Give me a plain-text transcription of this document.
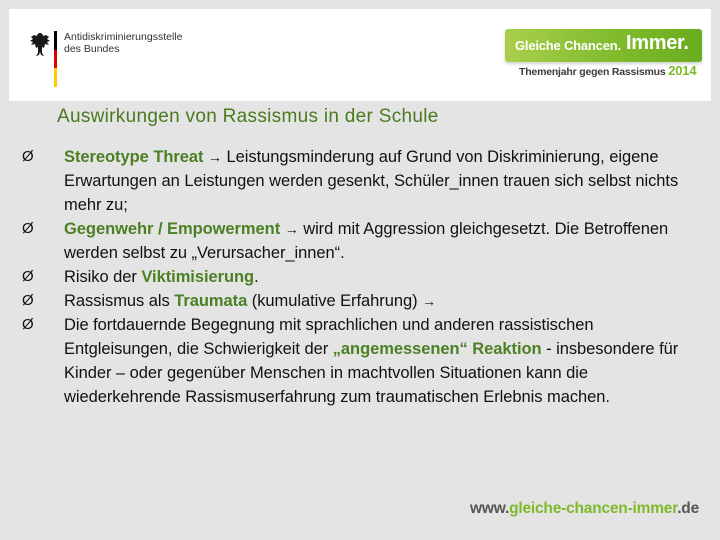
Antidiskriminierungsstelle
des Bundes	Gleiche Chancen. Immer.
Themenjahr gegen Rassismus 2014
Auswirkungen von Rassismus in der Schule
Ø Stereotype Threat → Leistungsminderung auf Grund von Diskriminierung, eigene Erwartungen an Leistungen werden gesenkt, Schüler_innen trauen sich selbst nichts mehr zu;
Ø Gegenwehr / Empowerment → wird mit Aggression gleichgesetzt. Die Betroffenen werden selbst zu „Verursacher_innen“.
Ø Risiko der Viktimisierung.
Ø Rassismus als Traumata (kumulative Erfahrung) →
Ø Die fortdauernde Begegnung mit sprachlichen und anderen rassistischen Entgleisungen, die Schwierigkeit der „angemessenen“ Reaktion - insbesondere für Kinder – oder gegenüber Menschen in machtvollen Situationen kann die wiederkehrende Rassismuserfahrung zum traumatischen Erlebnis machen.
www.gleiche-chancen-immer.de
